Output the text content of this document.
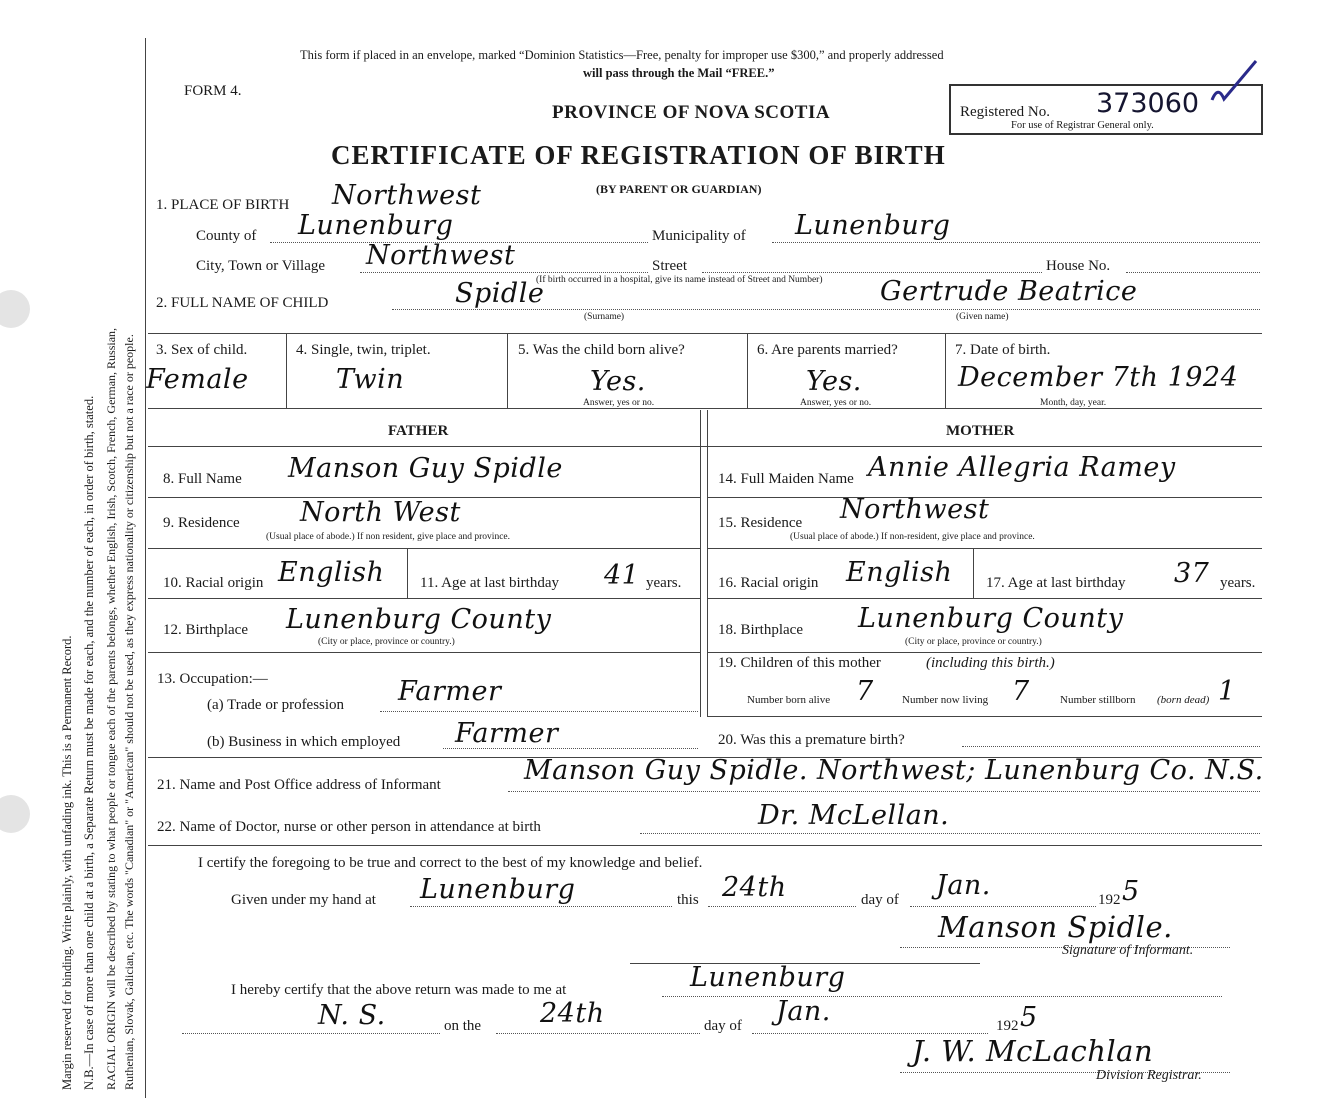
Margin reserved for binding. Write plainly, with unfading ink. This is a Permanent Record. N.B.—In case of more than one child at a birth, a Separate Return must be made for each, and the number of each, in order of birth, stated. RACIAL ORIGIN will be described by stating to what people or tongue each of the parents belongs, whether English, Irish, Scotch, French, German, Russian, Ruthenian, Slovak, Galician, etc. The words "Canadian" or "American" should not be used, as they express nationality or citizenship but not a race or people.
This form if placed in an envelope, marked “Dominion Statistics—Free, penalty for improper use $300,” and properly addressed
will pass through the Mail “FREE.”
FORM 4.
PROVINCE OF NOVA SCOTIA
CERTIFICATE OF REGISTRATION OF BIRTH
(BY PARENT OR GUARDIAN)
Registered No. 373060
For use of Registrar General only.
1. PLACE OF BIRTH Northwest
County of Lunenburg	Municipality of Lunenburg
City, Town or Village Northwest	Street	House No.
(If birth occurred in a hospital, give its name instead of Street and Number)
2. FULL NAME OF CHILD	Spidle
(Surname)
Gertrude Beatrice
(Given name)
3. Sex of child.
Female
4. Single, twin, triplet.
Twin
5. Was the child born alive?
Yes.
Answer, yes or no.
6. Are parents married?
Yes.
Answer, yes or no.
7. Date of birth.
December 7th 1924
Month, day, year.
FATHER	MOTHER
8. Full Name Manson Guy Spidle
9. Residence North West
(Usual place of abode.) If non resident, give place and province.
10. Racial origin English 11. Age at last birthday 41 years.
12. Birthplace Lunenburg County
(City or place, province or country.)
13. Occupation:—
(a) Trade or profession Farmer
(b) Business in which employed Farmer
14. Full Maiden Name Annie Allegria Ramey
15. Residence Northwest
(Usual place of abode.) If non-resident, give place and province.
16. Racial origin English 17. Age at last birthday 37 years.
18. Birthplace Lunenburg County
(City or place, province or country.)
19. Children of this mother	(including this birth.)
Number born alive 7	Number now living 7	Number stillborn (born dead) 1
20. Was this a premature birth?
21. Name and Post Office address of Informant	Manson Guy Spidle. Northwest; Lunenburg Co. N.S.
22. Name of Doctor, nurse or other person in attendance at birth	Dr. McLellan.
I certify the foregoing to be true and correct to the best of my knowledge and belief.
Given under my hand at Lunenburg	this 24th	day of Jan.	192 5
Manson Spidle.
Signature of Informant.
I hereby certify that the above return was made to me at	Lunenburg
N. S.	on the 24th	day of Jan.	192 5
J. W. McLachlan
Division Registrar.
